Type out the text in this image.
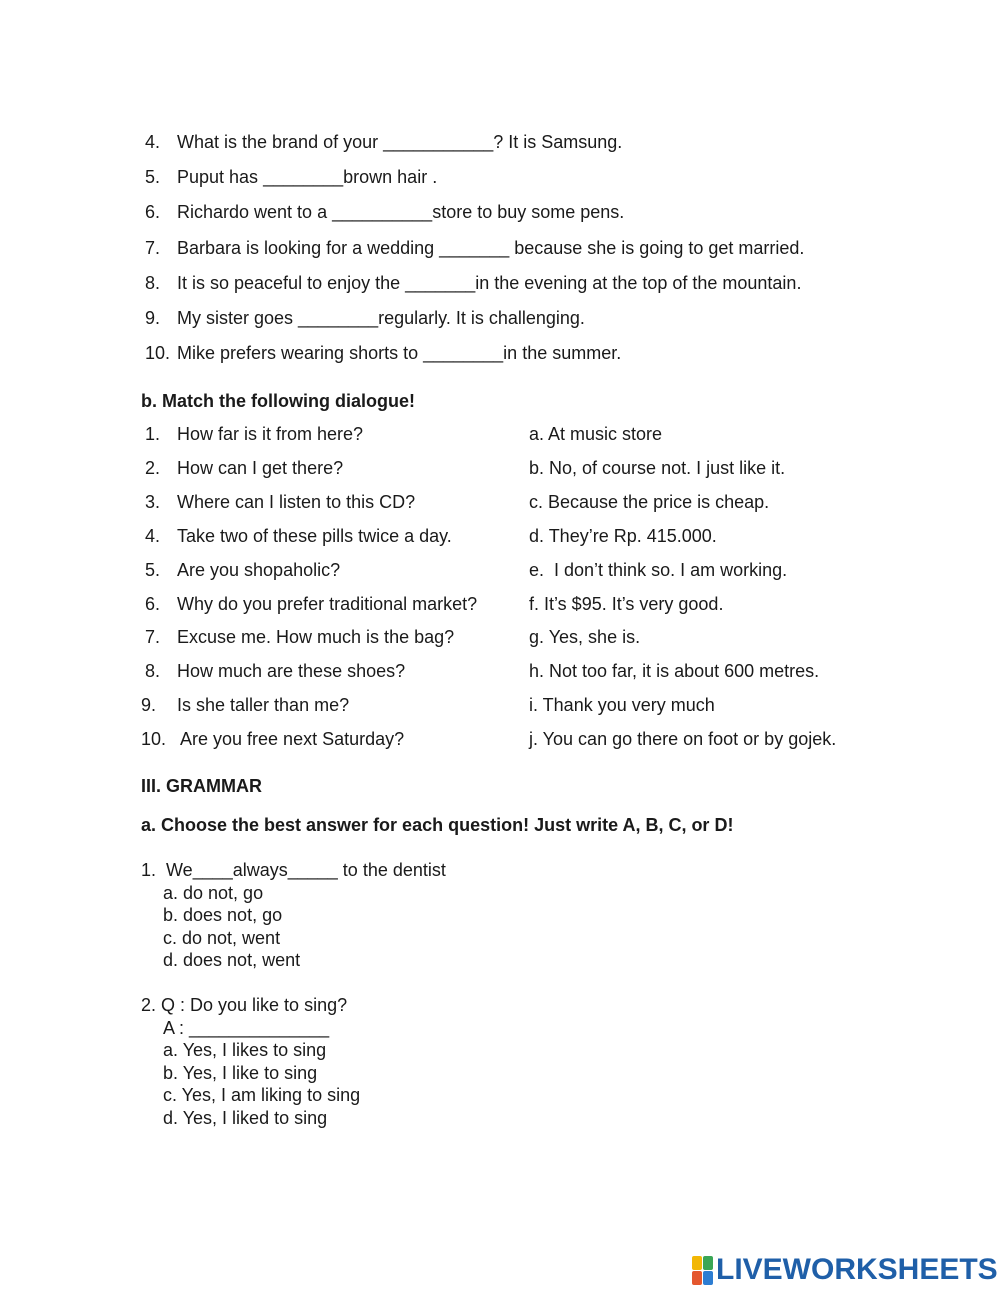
4. What is the brand of your ___________? It is Samsung.
5. Puput has ________brown hair .
6. Richardo went to a __________store to buy some pens.
7. Barbara is looking for a wedding _______ because she is going to get married.
8. It is so peaceful to enjoy the _______in the evening at the top of the mountain.
9. My sister goes ________regularly. It is challenging.
10. Mike prefers wearing shorts to ________in the summer.
b. Match the following dialogue!
1. How far is it from here?	a. At music store
2. How can I get there?	b. No, of course not. I just like it.
3. Where can I listen to this CD?	c. Because the price is cheap.
4. Take two of these pills twice a day.	d. They’re Rp. 415.000.
5. Are you shopaholic?	e.  I don’t think so. I am working.
6. Why do you prefer traditional market?	f. It’s $95. It’s very good.
7. Excuse me. How much is the bag?	g. Yes, she is.
8. How much are these shoes?	h. Not too far, it is about 600 metres.
9. Is she taller than me?	i. Thank you very much
10. Are you free next Saturday?	j. You can go there on foot or by gojek.
III. GRAMMAR
a. Choose the best answer for each question! Just write A, B, C, or D!
1.  We____always_____ to the dentist
a. do not, go
b. does not, go
c. do not, went
d. does not, went
2. Q : Do you like to sing?
A : ______________
a. Yes, I likes to sing
b. Yes, I like to sing
c. Yes, I am liking to sing
d. Yes, I liked to sing
LIVEWORKSHEETS
